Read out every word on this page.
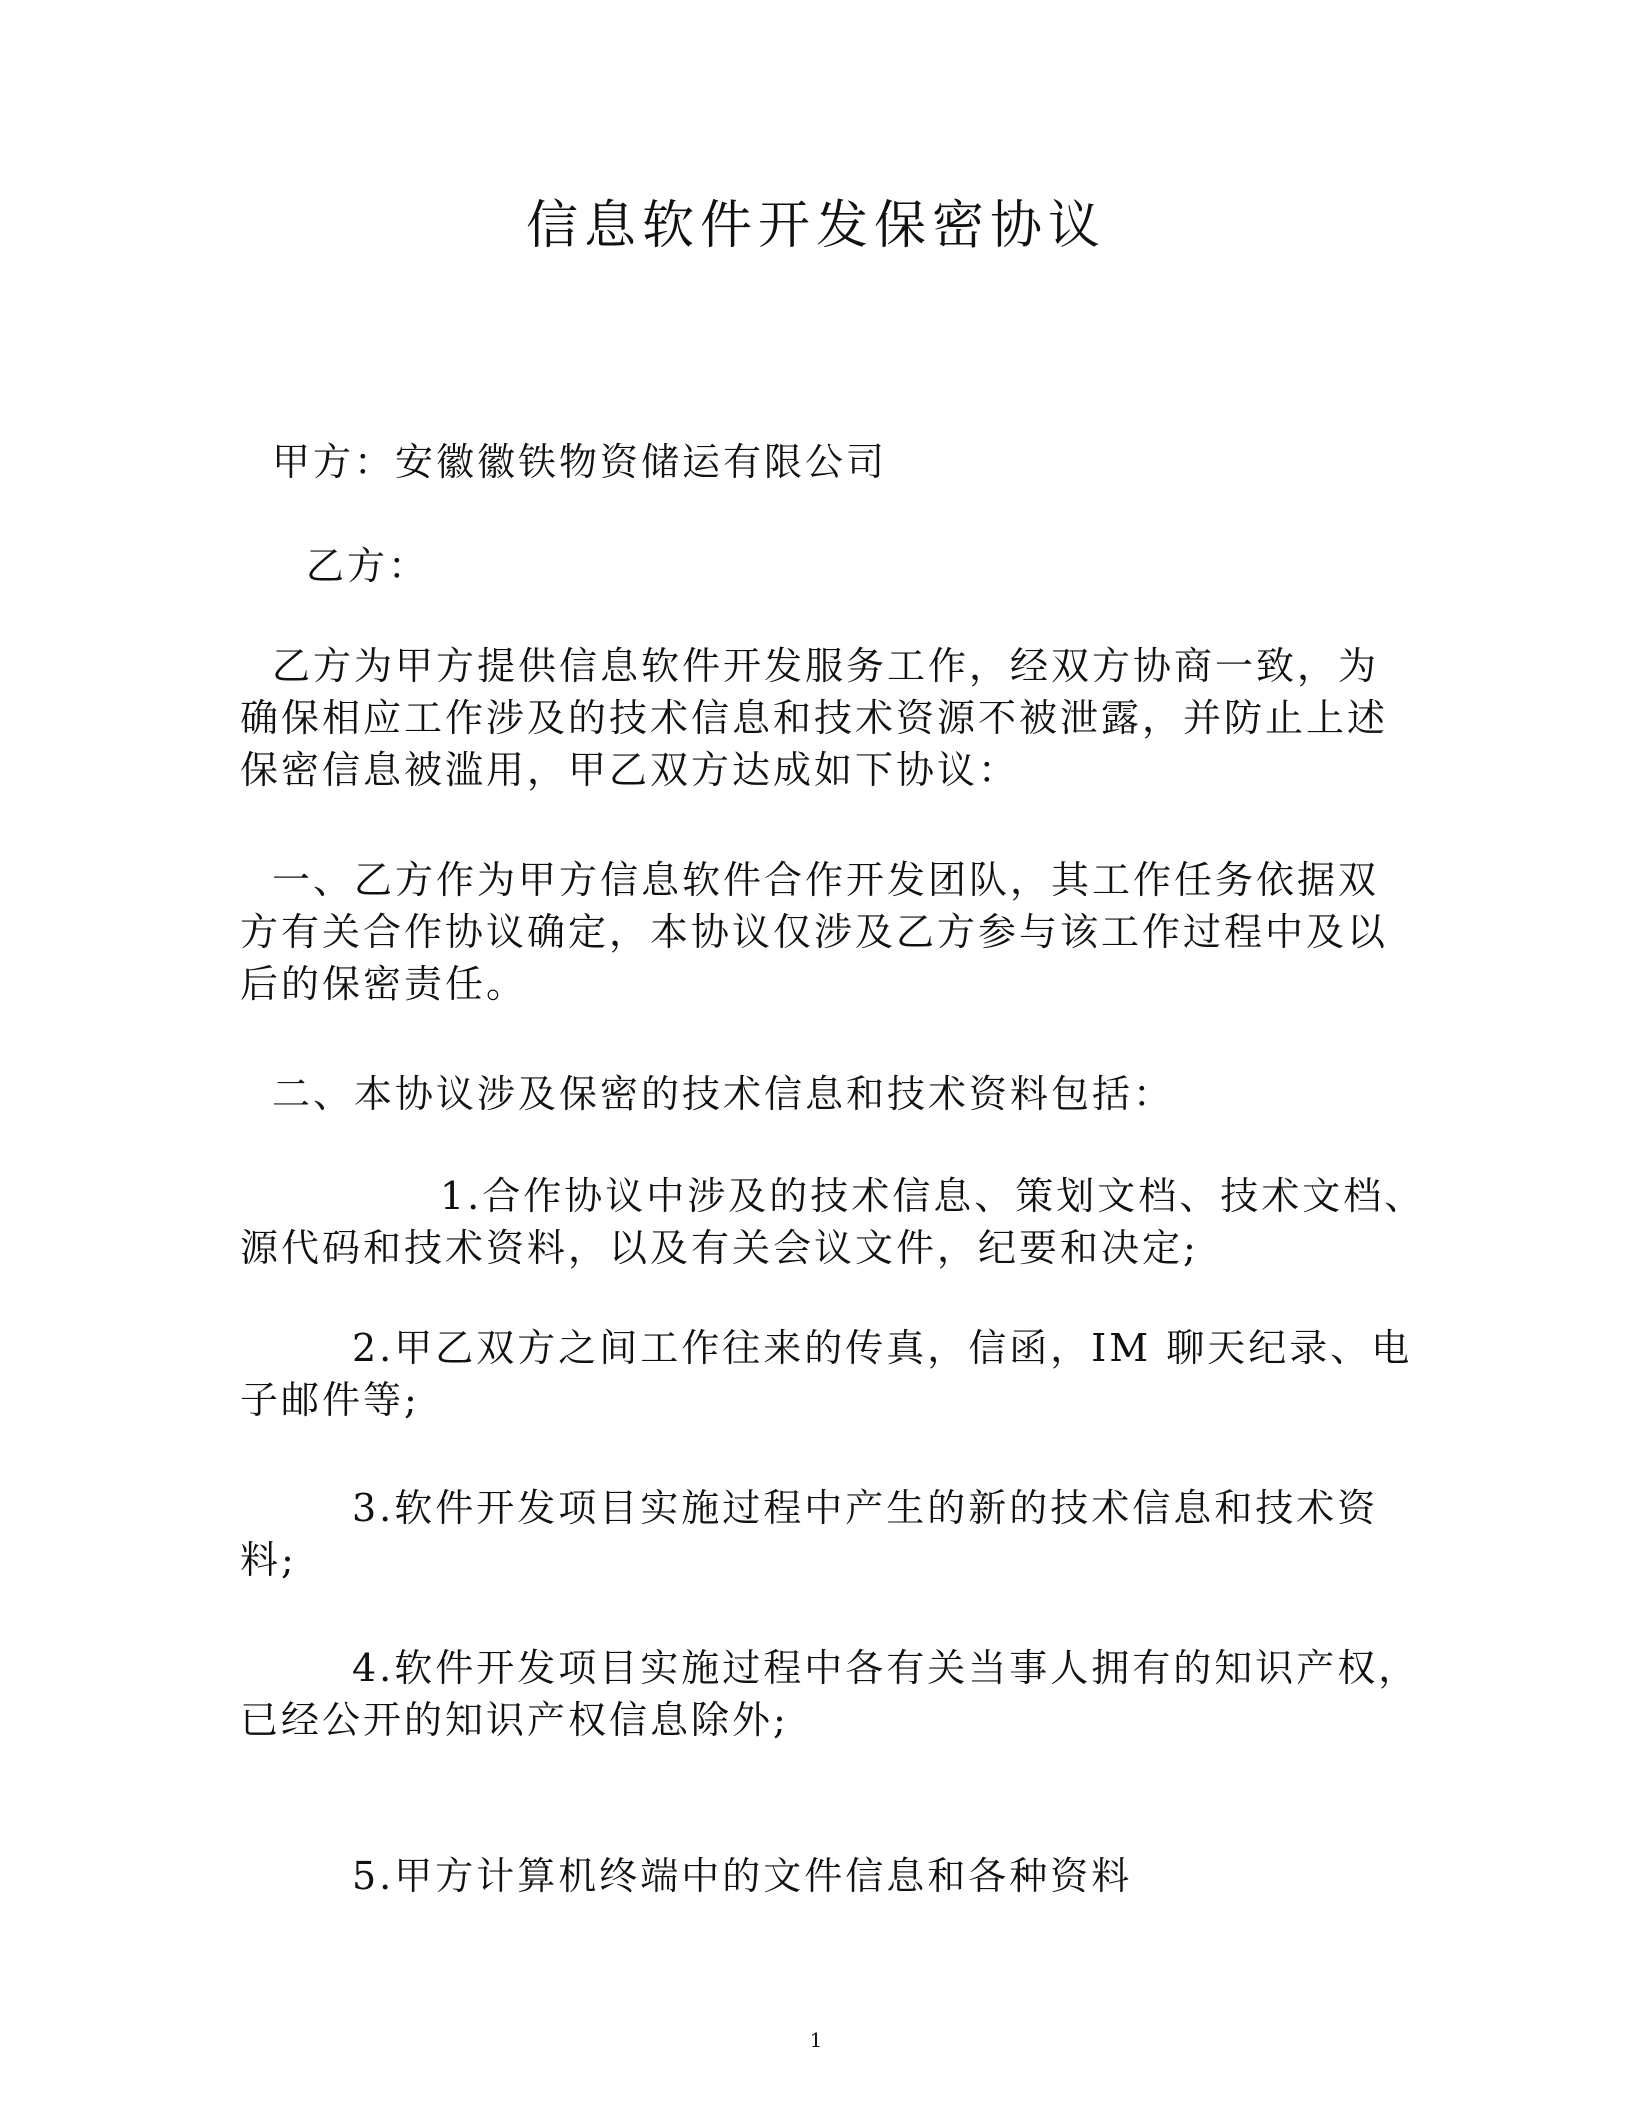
信息软件开发保密协议
甲方：安徽徽铁物资储运有限公司
乙方：
乙方为甲方提供信息软件开发服务工作，经双方协商一致，为
确保相应工作涉及的技术信息和技术资源不被泄露，并防止上述
保密信息被滥用，甲乙双方达成如下协议：
一、乙方作为甲方信息软件合作开发团队，其工作任务依据双
方有关合作协议确定，本协议仅涉及乙方参与该工作过程中及以
后的保密责任。
二、本协议涉及保密的技术信息和技术资料包括：
1.合作协议中涉及的技术信息、策划文档、技术文档、
源代码和技术资料，以及有关会议文件，纪要和决定;
2.甲乙双方之间工作往来的传真，信函，IM 聊天纪录、电
子邮件等;
3.软件开发项目实施过程中产生的新的技术信息和技术资
料;
4.软件开发项目实施过程中各有关当事人拥有的知识产权，
已经公开的知识产权信息除外;
5.甲方计算机终端中的文件信息和各种资料
1
